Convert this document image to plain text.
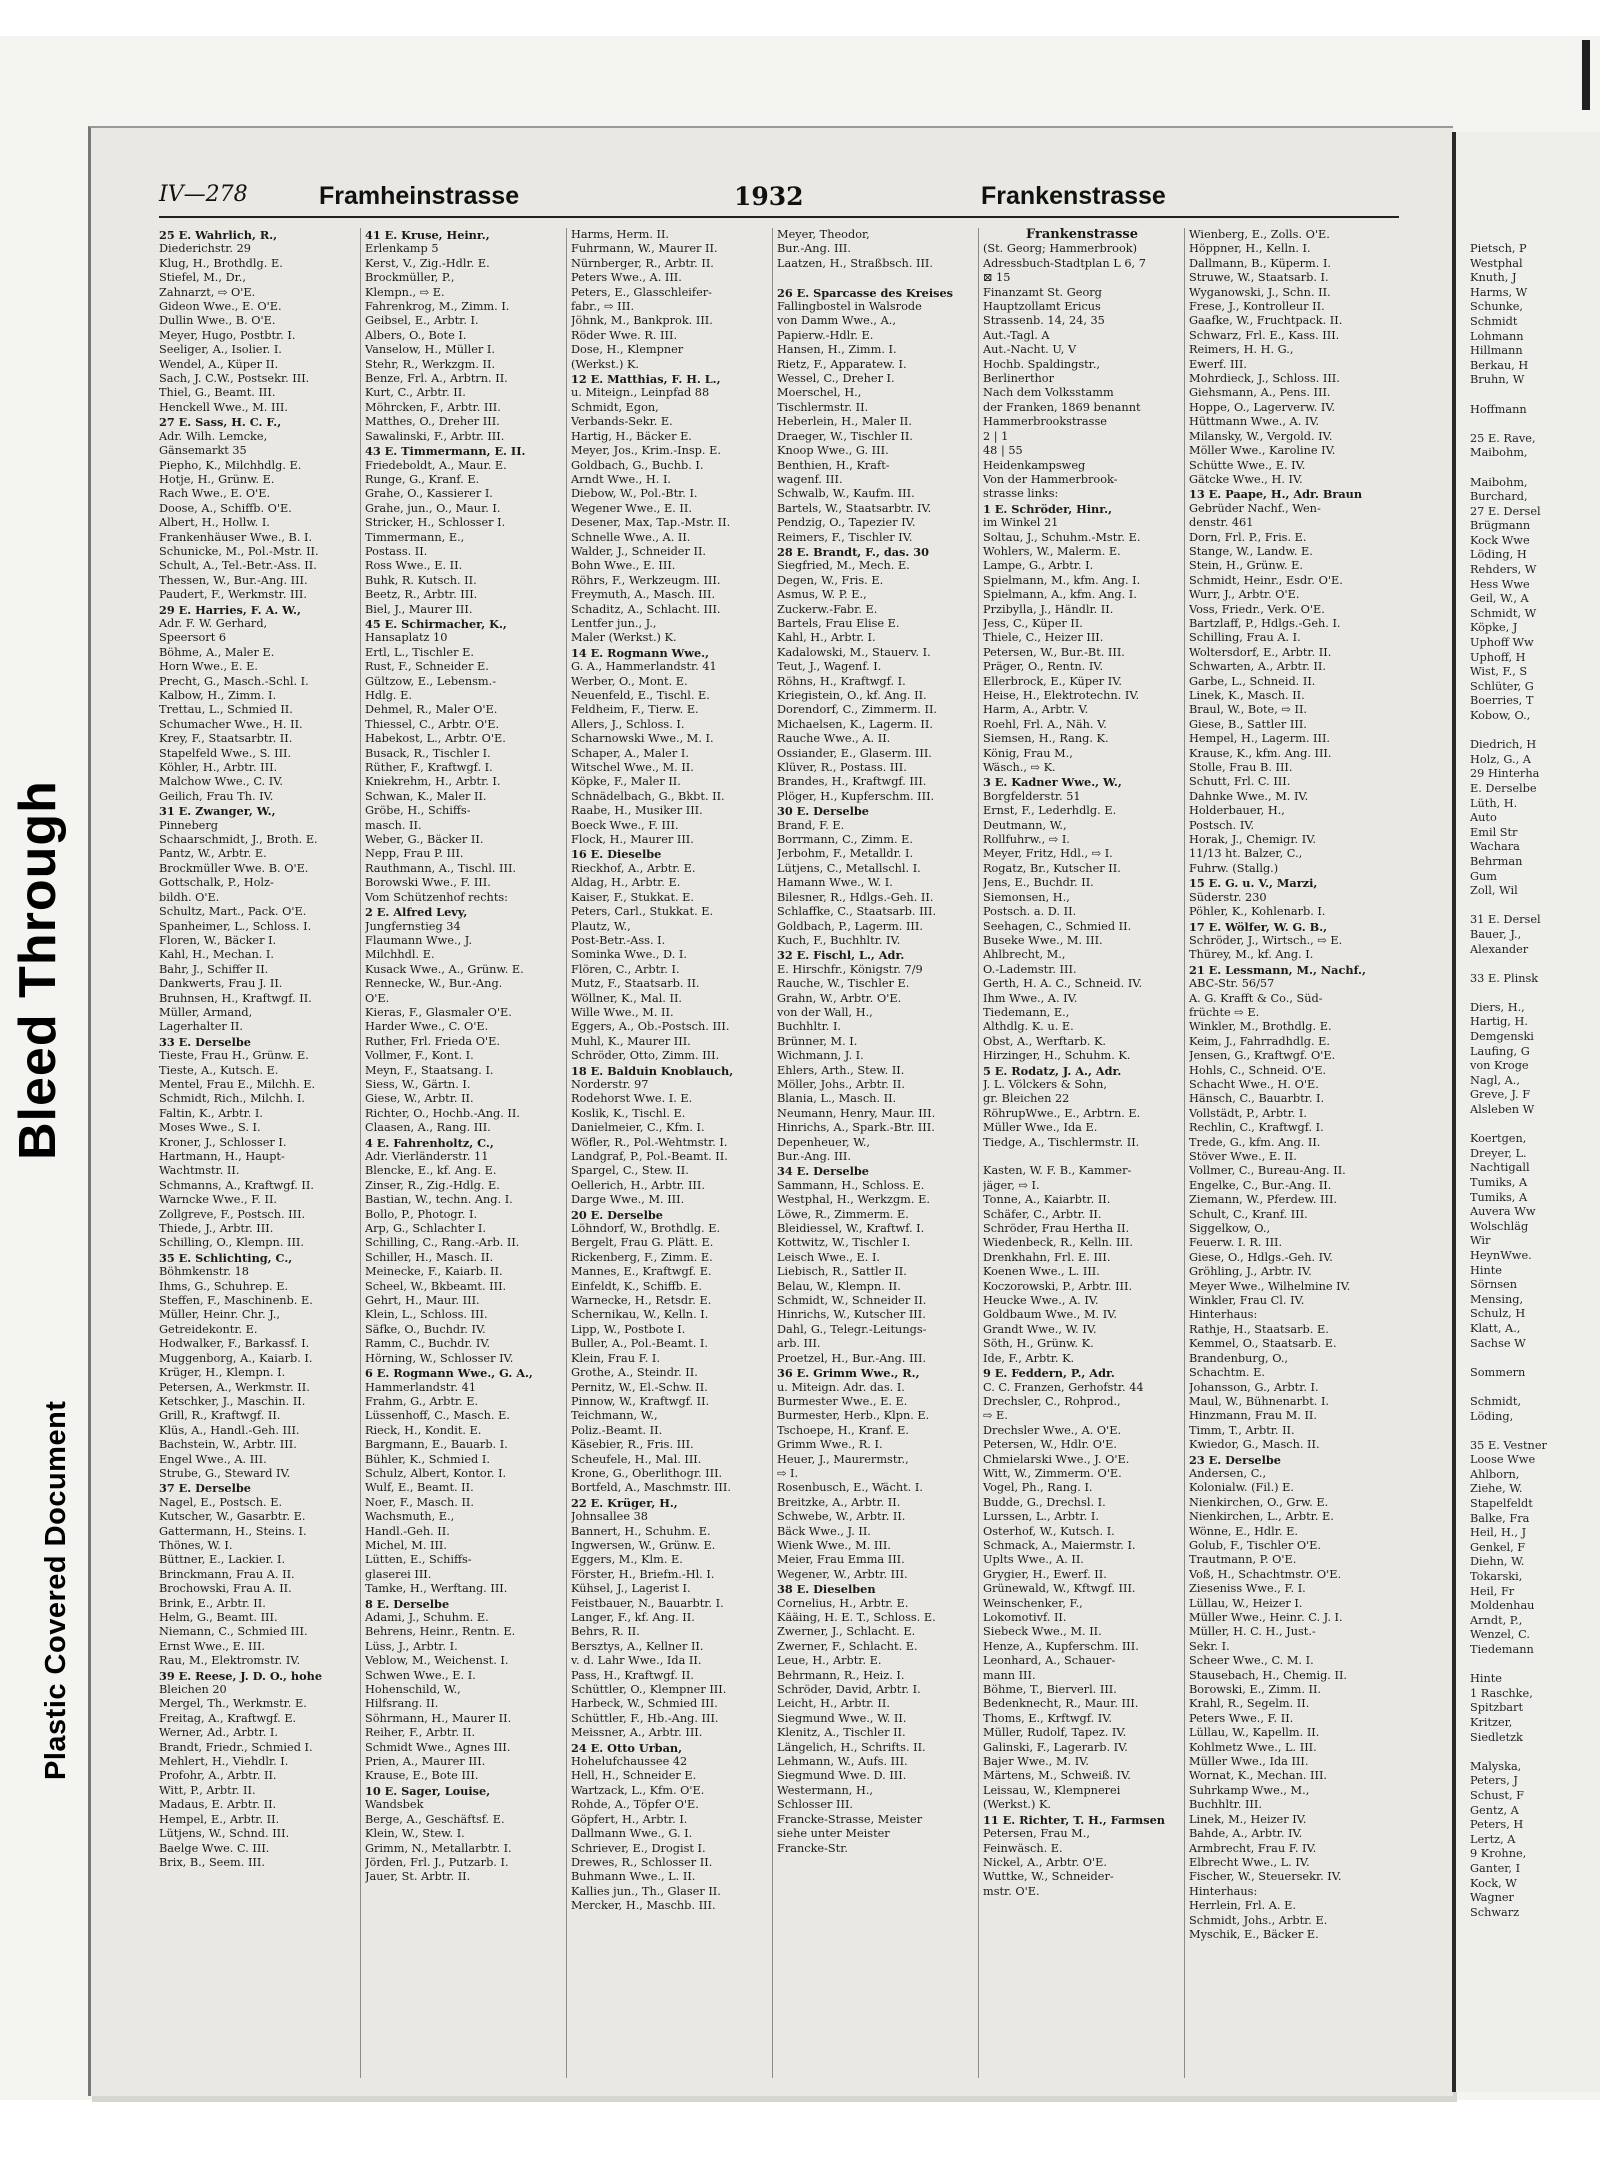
Bleed Through
Plastic Covered Document
IV—278	Framheinstrasse	1932	Frankenstrasse
25 E. Wahrlich, R.,
Diederichstr. 29
Klug, H., Brothdlg. E.
Stiefel, M., Dr.,
Zahnarzt, ⇨ O'E.
Gideon Wwe., E. O'E.
Dullin Wwe., B. O'E.
Meyer, Hugo, Postbtr. I.
Seeliger, A., Isolier. I.
Wendel, A., Küper II.
Sach, J. C.W., Postsekr. III.
Thiel, G., Beamt. III.
Henckell Wwe., M. III.
27 E. Sass, H. C. F.,
Adr. Wilh. Lemcke,
Gänsemarkt 35
Piepho, K., Milchhdlg. E.
Hotje, H., Grünw. E.
Rach Wwe., E. O'E.
Doose, A., Schiffb. O'E.
Albert, H., Hollw. I.
Frankenhäuser Wwe., B. I.
Schunicke, M., Pol.-Mstr. II.
Schult, A., Tel.-Betr.-Ass. II.
Thessen, W., Bur.-Ang. III.
Paudert, F., Werkmstr. III.
29 E. Harries, F. A. W.,
Adr. F. W. Gerhard,
Speersort 6
Böhme, A., Maler E.
Horn Wwe., E. E.
Precht, G., Masch.-Schl. I.
Kalbow, H., Zimm. I.
Trettau, L., Schmied II.
Schumacher Wwe., H. II.
Krey, F., Staatsarbtr. II.
Stapelfeld Wwe., S. III.
Köhler, H., Arbtr. III.
Malchow Wwe., C. IV.
Geilich, Frau Th. IV.
31 E. Zwanger, W.,
Pinneberg
Schaarschmidt, J., Broth. E.
Pantz, W., Arbtr. E.
Brockmüller Wwe. B. O'E.
Gottschalk, P., Holz-
bildh. O'E.
Schultz, Mart., Pack. O'E.
Spanheimer, L., Schloss. I.
Floren, W., Bäcker I.
Kahl, H., Mechan. I.
Bahr, J., Schiffer II.
Dankwerts, Frau J. II.
Bruhnsen, H., Kraftwgf. II.
Müller, Armand,
Lagerhalter II.
33 E. Derselbe
Tieste, Frau H., Grünw. E.
Tieste, A., Kutsch. E.
Mentel, Frau E., Milchh. E.
Schmidt, Rich., Milchh. I.
Faltin, K., Arbtr. I.
Moses Wwe., S. I.
Kroner, J., Schlosser I.
Hartmann, H., Haupt-
Wachtmstr. II.
Schmanns, A., Kraftwgf. II.
Warncke Wwe., F. II.
Zollgreve, F., Postsch. III.
Thiede, J., Arbtr. III.
Schilling, O., Klempn. III.
35 E. Schlichting, C.,
Böhmkenstr. 18
Ihms, G., Schuhrep. E.
Steffen, F., Maschinenb. E.
Müller, Heinr. Chr. J.,
Getreidekontr. E.
Hodwalker, F., Barkassf. I.
Muggenborg, A., Kaiarb. I.
Krüger, H., Klempn. I.
Petersen, A., Werkmstr. II.
Ketschker, J., Maschin. II.
Grill, R., Kraftwgf. II.
Klüs, A., Handl.-Geh. III.
Bachstein, W., Arbtr. III.
Engel Wwe., A. III.
Strube, G., Steward IV.
37 E. Derselbe
Nagel, E., Postsch. E.
Kutscher, W., Gasarbtr. E.
Gattermann, H., Steins. I.
Thönes, W. I.
Büttner, E., Lackier. I.
Brinckmann, Frau A. II.
Brochowski, Frau A. II.
Brink, E., Arbtr. II.
Helm, G., Beamt. III.
Niemann, C., Schmied III.
Ernst Wwe., E. III.
Rau, M., Elektromstr. IV.
39 E. Reese, J. D. O., hohe
Bleichen 20
Mergel, Th., Werkmstr. E.
Freitag, A., Kraftwgf. E.
Werner, Ad., Arbtr. I.
Brandt, Friedr., Schmied I.
Mehlert, H., Viehdlr. I.
Profohr, A., Arbtr. II.
Witt, P., Arbtr. II.
Madaus, E. Arbtr. II.
Hempel, E., Arbtr. II.
Lütjens, W., Schnd. III.
Baelge Wwe. C. III.
Brix, B., Seem. III.
41 E. Kruse, Heinr.,
Erlenkamp 5
Kerst, V., Zig.-Hdlr. E.
Brockmüller, P.,
Klempn., ⇨ E.
Fahrenkrog, M., Zimm. I.
Geibsel, E., Arbtr. I.
Albers, O., Bote I.
Vanselow, H., Müller I.
Stehr, R., Werkzgm. II.
Benze, Frl. A., Arbtrn. II.
Kurt, C., Arbtr. II.
Möhrcken, F., Arbtr. III.
Matthes, O., Dreher III.
Sawalinski, F., Arbtr. III.
43 E. Timmermann, E. II.
Friedeboldt, A., Maur. E.
Runge, G., Kranf. E.
Grahe, O., Kassierer I.
Grahe, jun., O., Maur. I.
Stricker, H., Schlosser I.
Timmermann, E.,
Postass. II.
Ross Wwe., E. II.
Buhk, R. Kutsch. II.
Beetz, R., Arbtr. III.
Biel, J., Maurer III.
45 E. Schirmacher, K.,
Hansaplatz 10
Ertl, L., Tischler E.
Rust, F., Schneider E.
Gültzow, E., Lebensm.-
Hdlg. E.
Dehmel, R., Maler O'E.
Thiessel, C., Arbtr. O'E.
Habekost, L., Arbtr. O'E.
Busack, R., Tischler I.
Rüther, F., Kraftwgf. I.
Kniekrehm, H., Arbtr. I.
Schwan, K., Maler II.
Gröbe, H., Schiffs-
masch. II.
Weber, G., Bäcker II.
Nepp, Frau P. III.
Rauthmann, A., Tischl. III.
Borowski Wwe., F. III.
Vom Schützenhof rechts:
2 E. Alfred Levy,
Jungfernstieg 34
Flaumann Wwe., J.
Milchhdl. E.
Kusack Wwe., A., Grünw. E.
Rennecke, W., Bur.-Ang.
O'E.
Kieras, F., Glasmaler O'E.
Harder Wwe., C. O'E.
Ruther, Frl. Frieda O'E.
Vollmer, F., Kont. I.
Meyn, F., Staatsang. I.
Siess, W., Gärtn. I.
Giese, W., Arbtr. II.
Richter, O., Hochb.-Ang. II.
Claasen, A., Rang. III.
4 E. Fahrenholtz, C.,
Adr. Vierländerstr. 11
Blencke, E., kf. Ang. E.
Zinser, R., Zig.-Hdlg. E.
Bastian, W., techn. Ang. I.
Bollo, P., Photogr. I.
Arp, G., Schlachter I.
Schilling, C., Rang.-Arb. II.
Schiller, H., Masch. II.
Meinecke, F., Kaiarb. II.
Scheel, W., Bkbeamt. III.
Gehrt, H., Maur. III.
Klein, L., Schloss. III.
Säfke, O., Buchdr. IV.
Ramm, C., Buchdr. IV.
Hörning, W., Schlosser IV.
6 E. Rogmann Wwe., G. A.,
Hammerlandstr. 41
Frahm, G., Arbtr. E.
Lüssenhoff, C., Masch. E.
Rieck, H., Kondit. E.
Bargmann, E., Bauarb. I.
Bühler, K., Schmied I.
Schulz, Albert, Kontor. I.
Wulf, E., Beamt. II.
Noer, F., Masch. II.
Wachsmuth, E.,
Handl.-Geh. II.
Michel, M. III.
Lütten, E., Schiffs-
glaserei III.
Tamke, H., Werftang. III.
8 E. Derselbe
Adami, J., Schuhm. E.
Behrens, Heinr., Rentn. E.
Lüss, J., Arbtr. I.
Veblow, M., Weichenst. I.
Schwen Wwe., E. I.
Hohenschild, W.,
Hilfsrang. II.
Söhrmann, H., Maurer II.
Reiher, F., Arbtr. II.
Schmidt Wwe., Agnes III.
Prien, A., Maurer III.
Krause, E., Bote III.
10 E. Sager, Louise,
Wandsbek
Berge, A., Geschäftsf. E.
Klein, W., Stew. I.
Grimm, N., Metallarbtr. I.
Jörden, Frl. J., Putzarb. I.
Jauer, St. Arbtr. II.
Harms, Herm. II.
Fuhrmann, W., Maurer II.
Nürnberger, R., Arbtr. II.
Peters Wwe., A. III.
Peters, E., Glasschleifer-
fabr., ⇨ III.
Jöhnk, M., Bankprok. III.
Röder Wwe. R. III.
Dose, H., Klempner
(Werkst.) K.
12 E. Matthias, F. H. L.,
u. Miteign., Leinpfad 88
Schmidt, Egon,
Verbands-Sekr. E.
Hartig, H., Bäcker E.
Meyer, Jos., Krim.-Insp. E.
Goldbach, G., Buchb. I.
Arndt Wwe., H. I.
Diebow, W., Pol.-Btr. I.
Wegener Wwe., E. II.
Desener, Max, Tap.-Mstr. II.
Schnelle Wwe., A. II.
Walder, J., Schneider II.
Bohn Wwe., E. III.
Röhrs, F., Werkzeugm. III.
Freymuth, A., Masch. III.
Schaditz, A., Schlacht. III.
Lentfer jun., J.,
Maler (Werkst.) K.
14 E. Rogmann Wwe.,
G. A., Hammerlandstr. 41
Werber, O., Mont. E.
Neuenfeld, E., Tischl. E.
Feldheim, F., Tierw. E.
Allers, J., Schloss. I.
Scharnowski Wwe., M. I.
Schaper, A., Maler I.
Witschel Wwe., M. II.
Köpke, F., Maler II.
Schnädelbach, G., Bkbt. II.
Raabe, H., Musiker III.
Boeck Wwe., F. III.
Flock, H., Maurer III.
16 E. Dieselbe
Rieckhof, A., Arbtr. E.
Aldag, H., Arbtr. E.
Kaiser, F., Stukkat. E.
Peters, Carl., Stukkat. E.
Plautz, W.,
Post-Betr.-Ass. I.
Sominka Wwe., D. I.
Flören, C., Arbtr. I.
Mutz, F., Staatsarb. II.
Wöllner, K., Mal. II.
Wille Wwe., M. II.
Eggers, A., Ob.-Postsch. III.
Muhl, K., Maurer III.
Schröder, Otto, Zimm. III.
18 E. Balduin Knoblauch,
Norderstr. 97
Rodehorst Wwe. I. E.
Koslik, K., Tischl. E.
Danielmeier, C., Kfm. I.
Wöfler, R., Pol.-Wehtmstr. I.
Landgraf, P., Pol.-Beamt. II.
Spargel, C., Stew. II.
Oellerich, H., Arbtr. III.
Darge Wwe., M. III.
20 E. Derselbe
Löhndorf, W., Brothdlg. E.
Bergelt, Frau G. Plätt. E.
Rickenberg, F., Zimm. E.
Mannes, E., Kraftwgf. E.
Einfeldt, K., Schiffb. E.
Warnecke, H., Retsdr. E.
Schernikau, W., Kelln. I.
Lipp, W., Postbote I.
Buller, A., Pol.-Beamt. I.
Klein, Frau F. I.
Grothe, A., Steindr. II.
Pernitz, W., El.-Schw. II.
Pinnow, W., Kraftwgf. II.
Teichmann, W.,
Poliz.-Beamt. II.
Käsebier, R., Fris. III.
Scheufele, H., Mal. III.
Krone, G., Oberlithogr. III.
Bortfeld, A., Maschmstr. III.
22 E. Krüger, H.,
Johnsallee 38
Bannert, H., Schuhm. E.
Ingwersen, W., Grünw. E.
Eggers, M., Klm. E.
Förster, H., Briefm.-Hl. I.
Kühsel, J., Lagerist I.
Feistbauer, N., Bauarbtr. I.
Langer, F., kf. Ang. II.
Behrs, R. II.
Bersztys, A., Kellner II.
v. d. Lahr Wwe., Ida II.
Pass, H., Kraftwgf. II.
Schüttler, O., Klempner III.
Harbeck, W., Schmied III.
Schüttler, F., Hb.-Ang. III.
Meissner, A., Arbtr. III.
24 E. Otto Urban,
Hohelufchaussee 42
Hell, H., Schneider E.
Wartzack, L., Kfm. O'E.
Rohde, A., Töpfer O'E.
Göpfert, H., Arbtr. I.
Dallmann Wwe., G. I.
Schriever, E., Drogist I.
Drewes, R., Schlosser II.
Buhmann Wwe., L. II.
Kallies jun., Th., Glaser II.
Mercker, H., Maschb. III.
Meyer, Theodor,
Bur.-Ang. III.
Laatzen, H., Straßbsch. III.

26 E. Sparcasse des Kreises
Fallingbostel in Walsrode
von Damm Wwe., A.,
Papierw.-Hdlr. E.
Hansen, H., Zimm. I.
Rietz, F., Apparatew. I.
Wessel, C., Dreher I.
Moerschel, H.,
Tischlermstr. II.
Heberlein, H., Maler II.
Draeger, W., Tischler II.
Knoop Wwe., G. III.
Benthien, H., Kraft-
wagenf. III.
Schwalb, W., Kaufm. III.
Bartels, W., Staatsarbtr. IV.
Pendzig, O., Tapezier IV.
Reimers, F., Tischler IV.
28 E. Brandt, F., das. 30
Siegfried, M., Mech. E.
Degen, W., Fris. E.
Asmus, W. P. E.,
Zuckerw.-Fabr. E.
Bartels, Frau Elise E.
Kahl, H., Arbtr. I.
Kadalowski, M., Stauerv. I.
Teut, J., Wagenf. I.
Röhns, H., Kraftwgf. I.
Kriegistein, O., kf. Ang. II.
Dorendorf, C., Zimmerm. II.
Michaelsen, K., Lagerm. II.
Rauche Wwe., A. II.
Ossiander, E., Glaserm. III.
Klüver, R., Postass. III.
Brandes, H., Kraftwgf. III.
Plöger, H., Kupferschm. III.
30 E. Derselbe
Brand, F. E.
Borrmann, C., Zimm. E.
Jerbohm, F., Metalldr. I.
Lütjens, C., Metallschl. I.
Hamann Wwe., W. I.
Bilesner, R., Hdlgs.-Geh. II.
Schlaffke, C., Staatsarb. III.
Goldbach, P., Lagerm. III.
Kuch, F., Buchhltr. IV.
32 E. Fischl, L., Adr.
E. Hirschfr., Königstr. 7/9
Rauche, W., Tischler E.
Grahn, W., Arbtr. O'E.
von der Wall, H.,
Buchhltr. I.
Brünner, M. I.
Wichmann, J. I.
Ehlers, Arth., Stew. II.
Möller, Johs., Arbtr. II.
Blania, L., Masch. II.
Neumann, Henry, Maur. III.
Hinrichs, A., Spark.-Btr. III.
Depenheuer, W.,
Bur.-Ang. III.
34 E. Derselbe
Sammann, H., Schloss. E.
Westphal, H., Werkzgm. E.
Löwe, R., Zimmerm. E.
Bleidiessel, W., Kraftwf. I.
Kottwitz, W., Tischler I.
Leisch Wwe., E. I.
Liebisch, R., Sattler II.
Belau, W., Klempn. II.
Schmidt, W., Schneider II.
Hinrichs, W., Kutscher III.
Dahl, G., Telegr.-Leitungs-
arb. III.
Proetzel, H., Bur.-Ang. III.
36 E. Grimm Wwe., R.,
u. Miteign. Adr. das. I.
Burmester Wwe., E. E.
Burmester, Herb., Klpn. E.
Tschoepe, H., Kranf. E.
Grimm Wwe., R. I.
Heuer, J., Maurermstr.,
⇨ I.
Rosenbusch, E., Wächt. I.
Breitzke, A., Arbtr. II.
Schwebe, W., Arbtr. II.
Bäck Wwe., J. II.
Wienk Wwe., M. III.
Meier, Frau Emma III.
Wegener, W., Arbtr. III.
38 E. Dieselben
Cornelius, H., Arbtr. E.
Kääing, H. E. T., Schloss. E.
Zwerner, J., Schlacht. E.
Zwerner, F., Schlacht. E.
Leue, H., Arbtr. E.
Behrmann, R., Heiz. I.
Schröder, David, Arbtr. I.
Leicht, H., Arbtr. II.
Siegmund Wwe., W. II.
Klenitz, A., Tischler II.
Längelich, H., Schrifts. II.
Lehmann, W., Aufs. III.
Siegmund Wwe. D. III.
Westermann, H.,
Schlosser III.
Francke-Strasse, Meister
siehe unter Meister
Francke-Str.
Frankenstrasse
(St. Georg; Hammerbrook)
Adressbuch-Stadtplan L 6, 7
⊠ 15
Finanzamt St. Georg
Hauptzollamt Ericus
Strassenb. 14, 24, 35
Aut.-Tagl. A
Aut.-Nacht. U, V
Hochb. Spaldingstr.,
Berlinerthor
Nach dem Volksstamm
der Franken, 1869 benannt
Hammerbrookstrasse
2 | 1
48 | 55
Heidenkampsweg
Von der Hammerbrook-
strasse links:
1 E. Schröder, Hinr.,
im Winkel 21
Soltau, J., Schuhm.-Mstr. E.
Wohlers, W., Malerm. E.
Lampe, G., Arbtr. I.
Spielmann, M., kfm. Ang. I.
Spielmann, A., kfm. Ang. I.
Przibylla, J., Händlr. II.
Jess, C., Küper II.
Thiele, C., Heizer III.
Petersen, W., Bur.-Bt. III.
Präger, O., Rentn. IV.
Ellerbrock, E., Küper IV.
Heise, H., Elektrotechn. IV.
Harm, A., Arbtr. V.
Roehl, Frl. A., Näh. V.
Siemsen, H., Rang. K.
König, Frau M.,
Wäsch., ⇨ K.
3 E. Kadner Wwe., W.,
Borgfelderstr. 51
Ernst, F., Lederhdlg. E.
Deutmann, W.,
Rollfuhrw., ⇨ I.
Meyer, Fritz, Hdl., ⇨ I.
Rogatz, Br., Kutscher II.
Jens, E., Buchdr. II.
Siemonsen, H.,
Postsch. a. D. II.
Seehagen, C., Schmied II.
Buseke Wwe., M. III.
Ahlbrecht, M.,
O.-Lademstr. III.
Gerth, H. A. C., Schneid. IV.
Ihm Wwe., A. IV.
Tiedemann, E.,
Althdlg. K. u. E.
Obst, A., Werftarb. K.
Hirzinger, H., Schuhm. K.
5 E. Rodatz, J. A., Adr.
J. L. Völckers & Sohn,
gr. Bleichen 22
RöhrupWwe., E., Arbtrn. E.
Müller Wwe., Ida E.
Tiedge, A., Tischlermstr. II.

Kasten, W. F. B., Kammer-
jäger, ⇨ I.
Tonne, A., Kaiarbtr. II.
Schäfer, C., Arbtr. II.
Schröder, Frau Hertha II.
Wiedenbeck, R., Kelln. III.
Drenkhahn, Frl. E. III.
Koenen Wwe., L. III.
Koczorowski, P., Arbtr. III.
Heucke Wwe., A. IV.
Goldbaum Wwe., M. IV.
Grandt Wwe., W. IV.
Söth, H., Grünw. K.
Ide, F., Arbtr. K.
9 E. Feddern, P., Adr.
C. C. Franzen, Gerhofstr. 44
Drechsler, C., Rohprod.,
⇨ E.
Drechsler Wwe., A. O'E.
Petersen, W., Hdlr. O'E.
Chmielarski Wwe., J. O'E.
Witt, W., Zimmerm. O'E.
Vogel, Ph., Rang. I.
Budde, G., Drechsl. I.
Lurssen, L., Arbtr. I.
Osterhof, W., Kutsch. I.
Schmack, A., Maiermstr. I.
Uplts Wwe., A. II.
Grygier, H., Ewerf. II.
Grünewald, W., Kftwgf. III.
Weinschenker, F.,
Lokomotivf. II.
Siebeck Wwe., M. II.
Henze, A., Kupferschm. III.
Leonhard, A., Schauer-
mann III.
Böhme, T., Bierverl. III.
Bedenknecht, R., Maur. III.
Thoms, E., Krftwgf. IV.
Müller, Rudolf, Tapez. IV.
Galinski, F., Lagerarb. IV.
Bajer Wwe., M. IV.
Märtens, M., Schweiß. IV.
Leissau, W., Klempnerei
(Werkst.) K.
11 E. Richter, T. H., Farmsen
Petersen, Frau M.,
Feinwäsch. E.
Nickel, A., Arbtr. O'E.
Wuttke, W., Schneider-
mstr. O'E.
Wienberg, E., Zolls. O'E.
Höppner, H., Kelln. I.
Dallmann, B., Küperm. I.
Struwe, W., Staatsarb. I.
Wyganowski, J., Schn. II.
Frese, J., Kontrolleur II.
Gaafke, W., Fruchtpack. II.
Schwarz, Frl. E., Kass. III.
Reimers, H. H. G.,
Ewerf. III.
Mohrdieck, J., Schloss. III.
Giehsmann, A., Pens. III.
Hoppe, O., Lagerverw. IV.
Hüttmann Wwe., A. IV.
Milansky, W., Vergold. IV.
Möller Wwe., Karoline IV.
Schütte Wwe., E. IV.
Gätcke Wwe., H. IV.
13 E. Paape, H., Adr. Braun
Gebrüder Nachf., Wen-
denstr. 461
Dorn, Frl. P., Fris. E.
Stange, W., Landw. E.
Stein, H., Grünw. E.
Schmidt, Heinr., Esdr. O'E.
Wurr, J., Arbtr. O'E.
Voss, Friedr., Verk. O'E.
Bartzlaff, P., Hdlgs.-Geh. I.
Schilling, Frau A. I.
Woltersdorf, E., Arbtr. II.
Schwarten, A., Arbtr. II.
Garbe, L., Schneid. II.
Linek, K., Masch. II.
Braul, W., Bote, ⇨ II.
Giese, B., Sattler III.
Hempel, H., Lagerm. III.
Krause, K., kfm. Ang. III.
Stolle, Frau B. III.
Schutt, Frl. C. III.
Dahnke Wwe., M. IV.
Holderbauer, H.,
Postsch. IV.
Horak, J., Chemigr. IV.
11/13 ht. Balzer, C.,
Fuhrw. (Stallg.)
15 E. G. u. V., Marzi,
Süderstr. 230
Pöhler, K., Kohlenarb. I.
17 E. Wölfer, W. G. B.,
Schröder, J., Wirtsch., ⇨ E.
Thürey, M., kf. Ang. I.
21 E. Lessmann, M., Nachf.,
ABC-Str. 56/57
A. G. Krafft & Co., Süd-
früchte ⇨ E.
Winkler, M., Brothdlg. E.
Keim, J., Fahrradhdlg. E.
Jensen, G., Kraftwgf. O'E.
Hohls, C., Schneid. O'E.
Schacht Wwe., H. O'E.
Hänsch, C., Bauarbtr. I.
Vollstädt, P., Arbtr. I.
Rechlin, C., Kraftwgf. I.
Trede, G., kfm. Ang. II.
Stöver Wwe., E. II.
Vollmer, C., Bureau-Ang. II.
Engelke, C., Bur.-Ang. II.
Ziemann, W., Pferdew. III.
Schult, C., Kranf. III.
Siggelkow, O.,
Feuerw. I. R. III.
Giese, O., Hdlgs.-Geh. IV.
Gröhling, J., Arbtr. IV.
Meyer Wwe., Wilhelmine IV.
Winkler, Frau Cl. IV.
Hinterhaus:
Rathje, H., Staatsarb. E.
Kemmel, O., Staatsarb. E.
Brandenburg, O.,
Schachtm. E.
Johansson, G., Arbtr. I.
Maul, W., Bühnenarbt. I.
Hinzmann, Frau M. II.
Timm, T., Arbtr. II.
Kwiedor, G., Masch. II.
23 E. Derselbe
Andersen, C.,
Kolonialw. (Fil.) E.
Nienkirchen, O., Grw. E.
Nienkirchen, L., Arbtr. E.
Wönne, E., Hdlr. E.
Golub, F., Tischler O'E.
Trautmann, P. O'E.
Voß, H., Schachtmstr. O'E.
Zieseniss Wwe., F. I.
Lüllau, W., Heizer I.
Müller Wwe., Heinr. C. J. I.
Müller, H. C. H., Just.-
Sekr. I.
Scheer Wwe., C. M. I.
Stausebach, H., Chemig. II.
Borowski, E., Zimm. II.
Krahl, R., Segelm. II.
Peters Wwe., F. II.
Lüllau, W., Kapellm. II.
Kohlmetz Wwe., L. III.
Müller Wwe., Ida III.
Wornat, K., Mechan. III.
Suhrkamp Wwe., M.,
Buchhltr. III.
Linek, M., Heizer IV.
Bahde, A., Arbtr. IV.
Armbrecht, Frau F. IV.
Elbrecht Wwe., L. IV.
Fischer, W., Steuersekr. IV.
Hinterhaus:
Herrlein, Frl. A. E.
Schmidt, Johs., Arbtr. E.
Myschik, E., Bäcker E.
Pietsch, P
Westphal
Knuth, J
Harms, W
Schunke,
Schmidt
Lohmann
Hillmann
Berkau, H
Bruhn, W

Hoffmann

25 E. Rave,
Maibohm,

Maibohm,
Burchard,
27 E. Dersel
Brügmann
Kock Wwe
Löding, H
Rehders, W
Hess Wwe
Geil, W., A
Schmidt, W
Köpke, J
Uphoff Ww
Uphoff, H
Wist, F., S
Schlüter, G
Boerries, T
Kobow, O.,

Diedrich, H
Holz, G., A
29 Hinterha
E. Derselbe
Lüth, H.
Auto
Emil Str
Wachara
Behrman
Gum
Zoll, Wil

31 E. Dersel
Bauer, J.,
Alexander

33 E. Plinsk

Diers, H.,
Hartig, H.
Demgenski
Laufing, G
von Kroge
Nagl, A.,
Greve, J. F
Alsleben W

Koertgen,
Dreyer, L.
Nachtigall
Tumiks, A
Tumiks, A
Auvera Ww
Wolschläg
Wir
HeynWwe.
Hinte
Sörnsen
Mensing,
Schulz, H
Klatt, A.,
Sachse W

Sommern

Schmidt,
Löding,

35 E. Vestner
Loose Wwe
Ahlborn,
Ziehe, W.
Stapelfeldt
Balke, Fra
Heil, H., J
Genkel, F
Diehn, W.
Tokarski,
Heil, Fr
Moldenhau
Arndt, P.,
Wenzel, C.
Tiedemann

Hinte
1 Raschke,
Spitzbart
Kritzer,
Siedletzk

Malyska,
Peters, J
Schust, F
Gentz, A
Peters, H
Lertz, A
9 Krohne,
Ganter, I
Kock, W
Wagner
Schwarz
